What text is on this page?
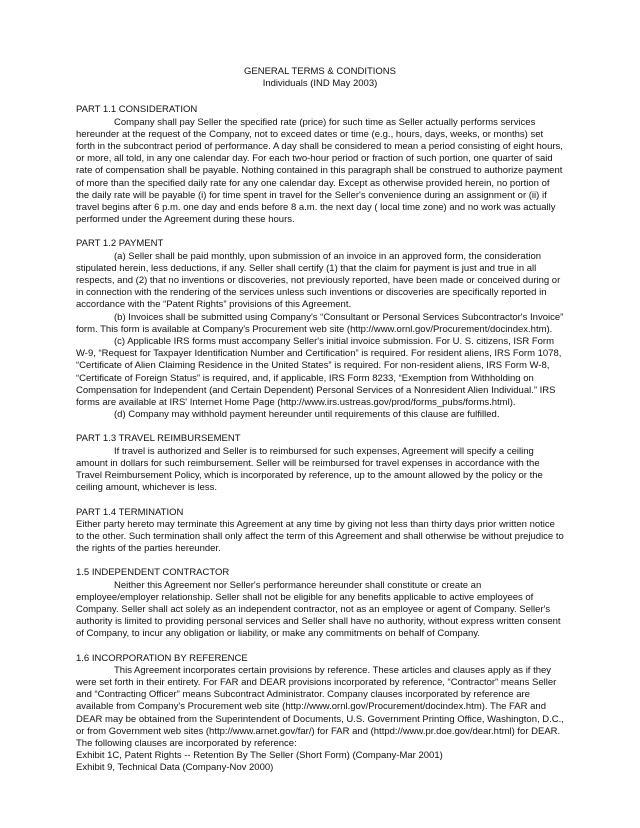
GENERAL TERMS & CONDITIONS
Individuals (IND May 2003)

PART 1.1 CONSIDERATION

Company shall pay Seller the specified rate (price) for such time as Seller actually performs services hereunder at the request of the Company, not to exceed dates or time (e.g., hours, days, weeks, or months) set forth in the subcontract period of performance. A day shall be considered to mean a period consisting of eight hours, or more, all told, in any one calendar day. For each two-hour period or fraction of such portion, one quarter of said rate of compensation shall be payable. Nothing contained in this paragraph shall be construed to authorize payment of more than the specified daily rate for any one calendar day. Except as otherwise provided herein, no portion of the daily rate will be payable (i) for time spent in travel for the Seller's convenience during an assignment or (ii) if travel begins after 6 p.m. one day and ends before 8 a.m. the next day ( local time zone) and no work was actually performed under the Agreement during these hours.

PART 1.2 PAYMENT

(a) Seller shall be paid monthly, upon submission of an invoice in an approved form, the consideration stipulated herein, less deductions, if any. Seller shall certify (1) that the claim for payment is just and true in all respects, and (2) that no inventions or discoveries, not previously reported, have been made or conceived during or in connection with the rendering of the services unless such inventions or discoveries are specifically reported in accordance with the “Patent Rights” provisions of this Agreement.

(b) Invoices shall be submitted using Company's “Consultant or Personal Services Subcontractor's Invoice” form. This form is available at Company's Procurement web site (http://www.ornl.gov/Procurement/docindex.htm).

(c) Applicable IRS forms must accompany Seller's initial invoice submission. For U. S. citizens, ISR Form W-9, “Request for Taxpayer Identification Number and Certification” is required. For resident aliens, IRS Form 1078, “Certificate of Alien Claiming Residence in the United States” is required. For non-resident aliens, IRS Form W-8, “Certificate of Foreign Status” is required, and, if applicable, IRS Form 8233, “Exemption from Withholding on Compensation for Independent (and Certain Dependent) Personal Services of a Nonresident Alien Individual.” IRS forms are available at IRS' Internet Home Page (http://www.irs.ustreas.gov/prod/forms_pubs/forms.html).

(d) Company may withhold payment hereunder until requirements of this clause are fulfilled.

PART 1.3 TRAVEL REIMBURSEMENT

If travel is authorized and Seller is to reimbursed for such expenses, Agreement will specify a ceiling amount in dollars for such reimbursement. Seller will be reimbursed for travel expenses in accordance with the Travel Reimbursement Policy, which is incorporated by reference, up to the amount allowed by the policy or the ceiling amount, whichever is less.

PART 1.4 TERMINATION

Either party hereto may terminate this Agreement at any time by giving not less than thirty days prior written notice to the other. Such termination shall only affect the term of this Agreement and shall otherwise be without prejudice to the rights of the parties hereunder.

1.5 INDEPENDENT CONTRACTOR

Neither this Agreement nor Seller's performance hereunder shall constitute or create an employee/employer relationship. Seller shall not be eligible for any benefits applicable to active employees of Company. Seller shall act solely as an independent contractor, not as an employee or agent of Company. Seller's authority is limited to providing personal services and Seller shall have no authority, without express written consent of Company, to incur any obligation or liability, or make any commitments on behalf of Company.

1.6 INCORPORATION BY REFERENCE

This Agreement incorporates certain provisions by reference. These articles and clauses apply as if they were set forth in their entirety. For FAR and DEAR provisions incorporated by reference, “Contractor” means Seller and “Contracting Officer” means Subcontract Administrator. Company clauses incorporated by reference are available from Company's Procurement web site (http://www.ornl.gov/Procurement/docindex.htm). The FAR and DEAR may be obtained from the Superintendent of Documents, U.S. Government Printing Office, Washington, D.C., or from Government web sites (http://www.arnet.gov/far/) for FAR and (httpd://www.pr.doe.gov/dear.html) for DEAR.

The following clauses are incorporated by reference:

Exhibit 1C, Patent Rights -- Retention By The Seller (Short Form) (Company-Mar 2001)

Exhibit 9, Technical Data (Company-Nov 2000)
